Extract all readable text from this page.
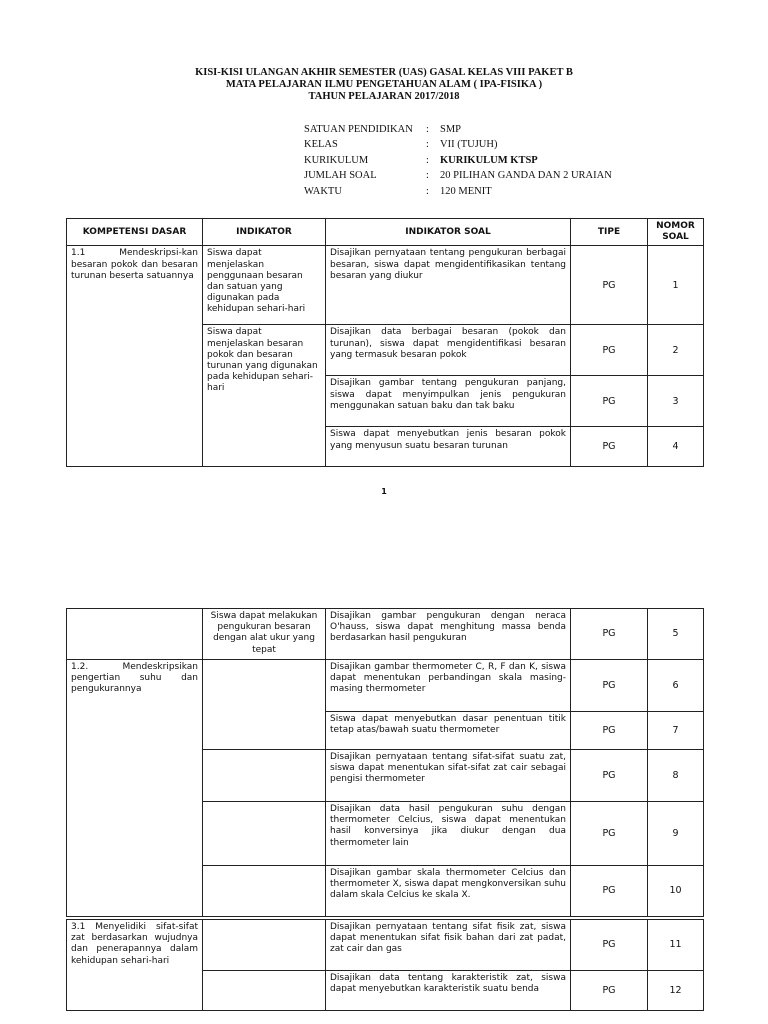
KISI-KISI ULANGAN AKHIR SEMESTER (UAS) GASAL KELAS VIII PAKET B
MATA PELAJARAN ILMU PENGETAHUAN ALAM ( IPA-FISIKA )
TAHUN PELAJARAN 2017/2018
SATUAN PENDIDIKAN	:	SMP
KELAS	:	VII (TUJUH)
KURIKULUM	:	KURIKULUM KTSP
JUMLAH SOAL	:	20 PILIHAN GANDA DAN 2 URAIAN
WAKTU	:	120 MENIT
KOMPETENSI DASAR	INDIKATOR	INDIKATOR SOAL	TIPE	NOMOR SOAL
1.1 Mendeskripsi-kan besaran pokok dan besaran turunan beserta satuannya	Siswa dapat menjelaskan penggunaan besaran dan satuan yang digunakan pada kehidupan sehari-hari	Disajikan pernyataan tentang pengukuran berbagai besaran, siswa dapat mengidentifikasikan tentang besaran yang diukur	PG	1
	Siswa dapat menjelaskan besaran pokok dan besaran turunan yang digunakan pada kehidupan sehari-hari	Disajikan data berbagai besaran (pokok dan turunan), siswa dapat mengidentifikasi besaran yang termasuk besaran pokok	PG	2
		Disajikan gambar tentang pengukuran panjang, siswa dapat menyimpulkan jenis pengukuran menggunakan satuan baku dan tak baku	PG	3
		Siswa dapat menyebutkan jenis besaran pokok yang menyusun suatu besaran turunan	PG	4
1
	Siswa dapat melakukan pengukuran besaran dengan alat ukur yang tepat	Disajikan gambar pengukuran dengan neraca O'hauss, siswa dapat menghitung massa benda berdasarkan hasil pengukuran	PG	5
1.2. Mendeskripsikan pengertian suhu dan pengukurannya		Disajikan gambar thermometer C, R, F dan K, siswa dapat menentukan perbandingan skala masing-masing thermometer	PG	6
		Siswa dapat menyebutkan dasar penentuan titik tetap atas/bawah suatu thermometer	PG	7
		Disajikan pernyataan tentang sifat-sifat suatu zat, siswa dapat menentukan sifat-sifat zat cair sebagai pengisi thermometer	PG	8
		Disajikan data hasil pengukuran suhu dengan thermometer Celcius, siswa dapat menentukan hasil konversinya jika diukur dengan dua thermometer lain	PG	9
		Disajikan gambar skala thermometer Celcius dan thermometer X, siswa dapat mengkonversikan suhu dalam skala Celcius ke skala X.	PG	10
3.1 Menyelidiki sifat-sifat zat berdasarkan wujudnya dan penerapannya dalam kehidupan sehari-hari		Disajikan pernyataan tentang sifat fisik zat, siswa dapat menentukan sifat fisik bahan dari zat padat, zat cair dan gas	PG	11
		Disajikan data tentang karakteristik zat, siswa dapat menyebutkan karakteristik suatu benda	PG	12
